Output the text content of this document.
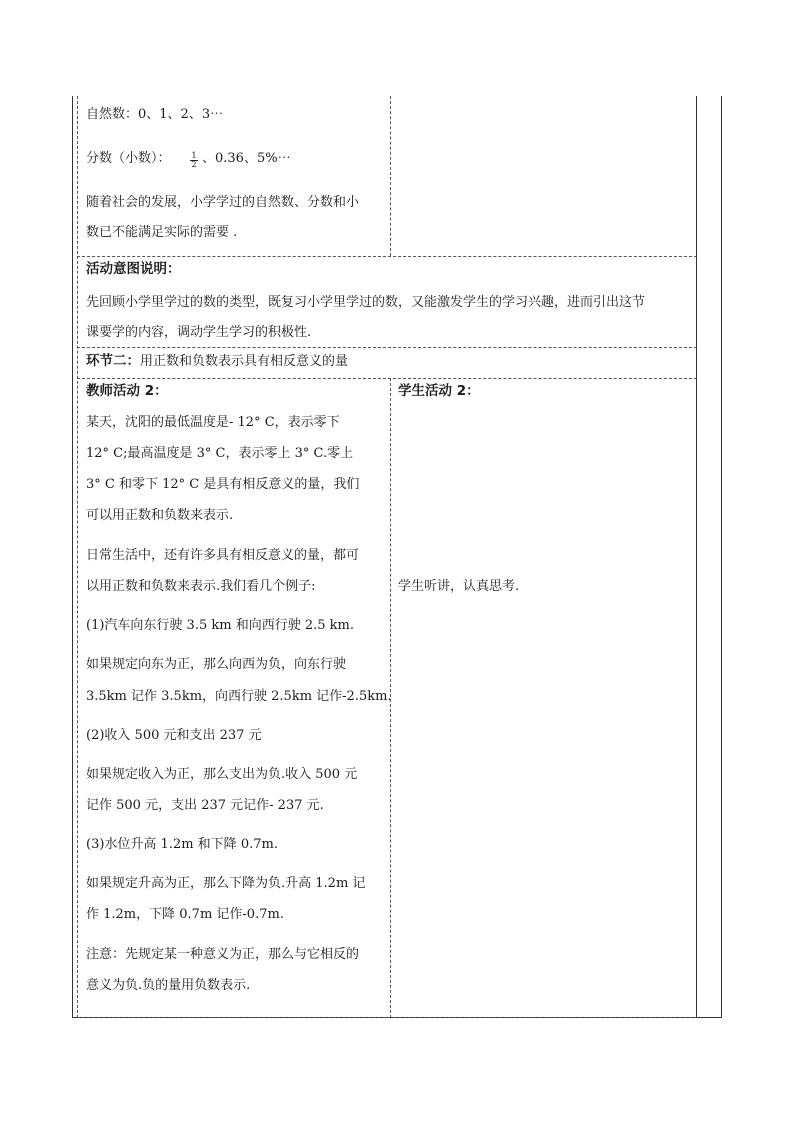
自然数：0、1、2、3⋯
分数（小数）：	1
2 、0.36、5%⋯
随着社会的发展，小学学过的自然数、分数和小
数已不能满足实际的需要 .
活动意图说明：
先回顾小学里学过的数的类型，既复习小学里学过的数，又能激发学生的学习兴趣，进而引出这节
课要学的内容，调动学生学习的积极性.
环节二：用正数和负数表示具有相反意义的量
教师活动 2：
某天，沈阳的最低温度是- 12° C，表示零下
12° C;最高温度是 3° C，表示零上 3° C.零上
3° C 和零下 12° C 是具有相反意义的量，我们
可以用正数和负数来表示.
日常生活中，还有许多具有相反意义的量，都可
以用正数和负数来表示.我们看几个例子:
(1)汽车向东行驶 3.5 km 和向西行驶 2.5 km.
如果规定向东为正，那么向西为负，向东行驶
3.5km 记作 3.5km，向西行驶 2.5km 记作-2.5km.
(2)收入 500 元和支出 237 元
如果规定收入为正，那么支出为负.收入 500 元
记作 500 元，支出 237 元记作- 237 元.
(3)水位升高 1.2m 和下降 0.7m.
如果规定升高为正，那么下降为负.升高 1.2m 记
作 1.2m，下降 0.7m 记作-0.7m.
注意：先规定某一种意义为正，那么与它相反的
意义为负.负的量用负数表示.
学生活动 2：
学生听讲，认真思考.
